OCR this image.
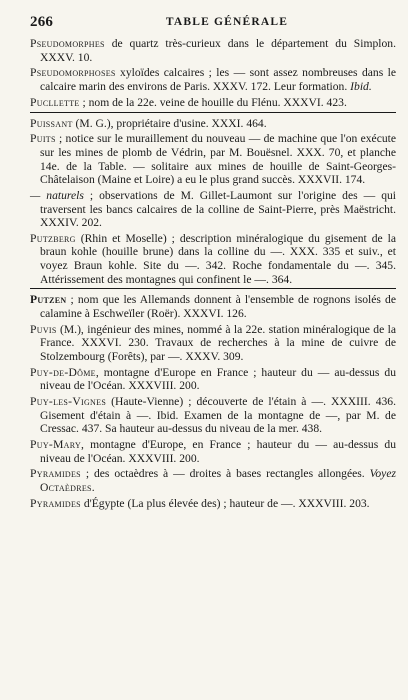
266	TABLE GÉNÉRALE

Pseudomorphes de quartz très-curieux dans le département du Simplon. XXXV. 10.

Pseudomorphoses xyloïdes calcaires ; les — sont assez nombreuses dans le calcaire marin des environs de Paris. XXXV. 172. Leur formation. Ibid.

Pucllette ; nom de la 22e. veine de houille du Flénu. XXXVI. 423.

Puissant (M. G.), propriétaire d'usine. XXXI. 464.

Puits ; notice sur le muraillement du nouveau — de machine que l'on exécute sur les mines de plomb de Védrin, par M. Bouësnel. XXX. 70, et planche 14e. de la Table. — solitaire aux mines de houille de Saint-Georges-Châtelaison (Maine et Loire) a eu le plus grand succès. XXXVII. 174.

— naturels ; observations de M. Gillet-Laumont sur l'origine des — qui traversent les bancs calcaires de la colline de Saint-Pierre, près Maëstricht. XXXIV. 202.

Putzberg (Rhin et Moselle) ; description minéralogique du gisement de la braun kohle (houille brune) dans la colline du —. XXX. 335 et suiv., et voyez Braun kohle. Site du —. 342. Roche fondamentale du —. 345. Attérissement des montagnes qui confinent le —. 364.

Putzen ; nom que les Allemands donnent à l'ensemble de rognons isolés de calamine à Eschweïler (Roër). XXXVI. 126.

Puvis (M.), ingénieur des mines, nommé à la 22e. station minéralogique de la France. XXXVI. 230. Travaux de recherches à la mine de cuivre de Stolzembourg (Forêts), par —. XXXV. 309.

Puy-de-Dôme, montagne d'Europe en France ; hauteur du — au-dessus du niveau de l'Océan. XXXVIII. 200.

Puy-les-Vignes (Haute-Vienne) ; découverte de l'étain à —. XXXIII. 436. Gisement d'étain à —. Ibid. Examen de la montagne de —, par M. de Cressac. 437. Sa hauteur au-dessus du niveau de la mer. 438.

Puy-Mary, montagne d'Europe, en France ; hauteur du — au-dessus du niveau de l'Océan. XXXVIII. 200.

Pyramides ; des octaèdres à — droites à bases rectangles allongées. Voyez Octaèdres.

Pyramides d'Égypte (La plus élevée des) ; hauteur de —. XXXVIII. 203.
